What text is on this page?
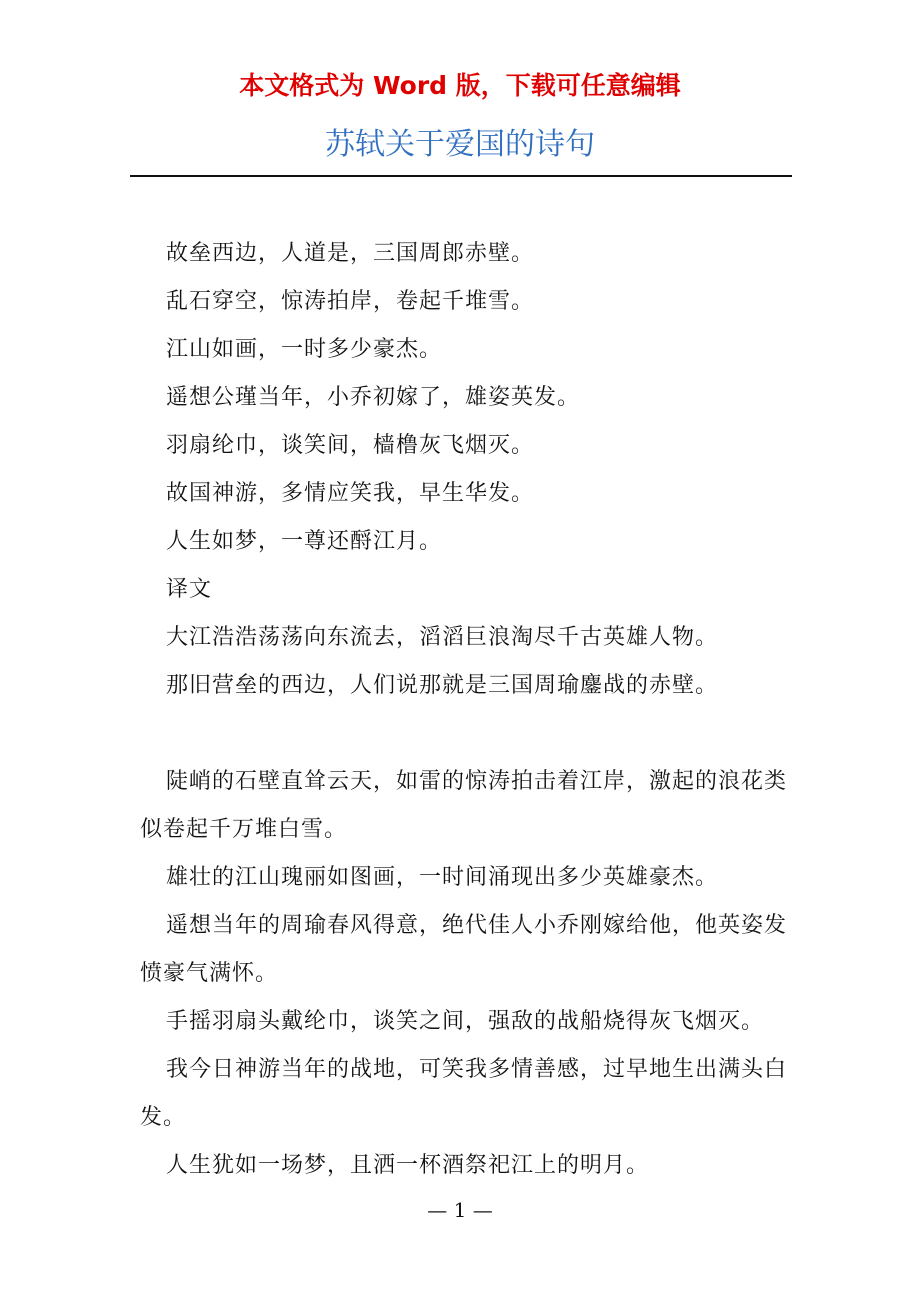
本文格式为 Word 版，下载可任意编辑
苏轼关于爱国的诗句

故垒西边，人道是，三国周郎赤壁。

乱石穿空，惊涛拍岸，卷起千堆雪。

江山如画，一时多少豪杰。

遥想公瑾当年，小乔初嫁了，雄姿英发。

羽扇纶巾，谈笑间，樯橹灰飞烟灭。

故国神游，多情应笑我，早生华发。

人生如梦，一尊还酹江月。

译文

大江浩浩荡荡向东流去，滔滔巨浪淘尽千古英雄人物。

那旧营垒的西边，人们说那就是三国周瑜鏖战的赤壁。

陡峭的石壁直耸云天，如雷的惊涛拍击着江岸，激起的浪花类似卷起千万堆白雪。

雄壮的江山瑰丽如图画，一时间涌现出多少英雄豪杰。

遥想当年的周瑜春风得意，绝代佳人小乔刚嫁给他，他英姿发愤豪气满怀。

手摇羽扇头戴纶巾，谈笑之间，强敌的战船烧得灰飞烟灭。

我今日神游当年的战地，可笑我多情善感，过早地生出满头白发。

人生犹如一场梦，且洒一杯酒祭祀江上的明月。

— 1 —
